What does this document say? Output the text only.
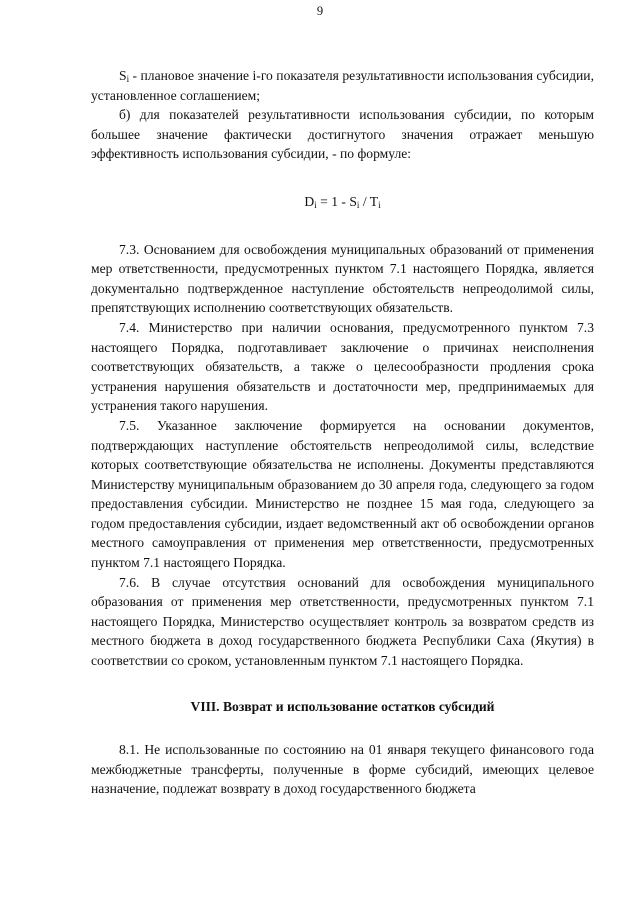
9

$S_i$ - плановое значение i-го показателя результативности использования субсидии, установленное соглашением;

б) для показателей результативности использования субсидии, по которым большее значение фактически достигнутого значения отражает меньшую эффективность использования субсидии, - по формуле:

$D_i = 1 - S_i / T_i$

7.3. Основанием для освобождения муниципальных образований от применения мер ответственности, предусмотренных пунктом 7.1 настоящего Порядка, является документально подтвержденное наступление обстоятельств непреодолимой силы, препятствующих исполнению соответствующих обязательств.

7.4. Министерство при наличии основания, предусмотренного пунктом 7.3 настоящего Порядка, подготавливает заключение о причинах неисполнения соответствующих обязательств, а также о целесообразности продления срока устранения нарушения обязательств и достаточности мер, предпринимаемых для устранения такого нарушения.

7.5. Указанное заключение формируется на основании документов, подтверждающих наступление обстоятельств непреодолимой силы, вследствие которых соответствующие обязательства не исполнены. Документы представляются Министерству муниципальным образованием до 30 апреля года, следующего за годом предоставления субсидии. Министерство не позднее 15 мая года, следующего за годом предоставления субсидии, издает ведомственный акт об освобождении органов местного самоуправления от применения мер ответственности, предусмотренных пунктом 7.1 настоящего Порядка.

7.6. В случае отсутствия оснований для освобождения муниципального образования от применения мер ответственности, предусмотренных пунктом 7.1 настоящего Порядка, Министерство осуществляет контроль за возвратом средств из местного бюджета в доход государственного бюджета Республики Саха (Якутия) в соответствии со сроком, установленным пунктом 7.1 настоящего Порядка.

VIII. Возврат и использование остатков субсидий

8.1. Не использованные по состоянию на 01 января текущего финансового года межбюджетные трансферты, полученные в форме субсидий, имеющих целевое назначение, подлежат возврату в доход государственного бюджета
